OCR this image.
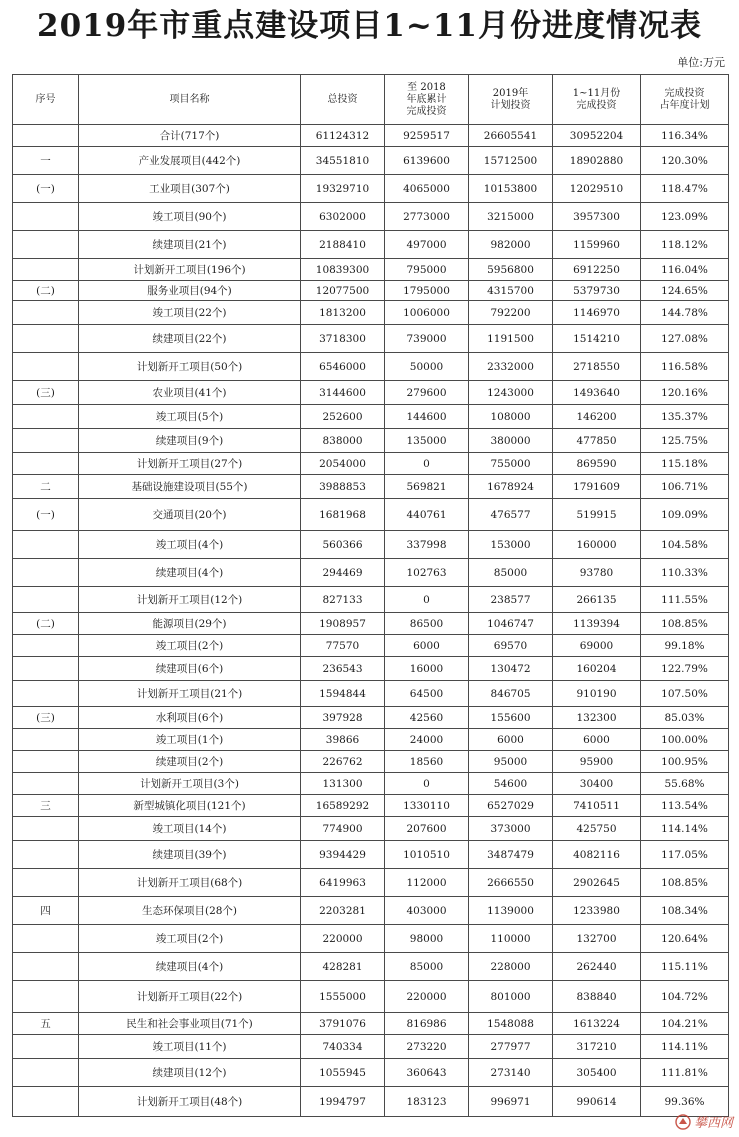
2019年市重点建设项目1~11月份进度情况表
单位:万元
序号	项目名称	总投资	至 2018
年底累计
完成投资	2019年
计划投资	1~11月份
完成投资	完成投资
占年度计划
	合计(717个)	61124312	9259517	26605541	30952204	116.34%
一	产业发展项目(442个)	34551810	6139600	15712500	18902880	120.30%
(一)	工业项目(307个)	19329710	4065000	10153800	12029510	118.47%
	竣工项目(90个)	6302000	2773000	3215000	3957300	123.09%
	续建项目(21个)	2188410	497000	982000	1159960	118.12%
	计划新开工项目(196个)	10839300	795000	5956800	6912250	116.04%
(二)	服务业项目(94个)	12077500	1795000	4315700	5379730	124.65%
	竣工项目(22个)	1813200	1006000	792200	1146970	144.78%
	续建项目(22个)	3718300	739000	1191500	1514210	127.08%
	计划新开工项目(50个)	6546000	50000	2332000	2718550	116.58%
(三)	农业项目(41个)	3144600	279600	1243000	1493640	120.16%
	竣工项目(5个)	252600	144600	108000	146200	135.37%
	续建项目(9个)	838000	135000	380000	477850	125.75%
	计划新开工项目(27个)	2054000	0	755000	869590	115.18%
二	基础设施建设项目(55个)	3988853	569821	1678924	1791609	106.71%
(一)	交通项目(20个)	1681968	440761	476577	519915	109.09%
	竣工项目(4个)	560366	337998	153000	160000	104.58%
	续建项目(4个)	294469	102763	85000	93780	110.33%
	计划新开工项目(12个)	827133	0	238577	266135	111.55%
(二)	能源项目(29个)	1908957	86500	1046747	1139394	108.85%
	竣工项目(2个)	77570	6000	69570	69000	99.18%
	续建项目(6个)	236543	16000	130472	160204	122.79%
	计划新开工项目(21个)	1594844	64500	846705	910190	107.50%
(三)	水利项目(6个)	397928	42560	155600	132300	85.03%
	竣工项目(1个)	39866	24000	6000	6000	100.00%
	续建项目(2个)	226762	18560	95000	95900	100.95%
	计划新开工项目(3个)	131300	0	54600	30400	55.68%
三	新型城镇化项目(121个)	16589292	1330110	6527029	7410511	113.54%
	竣工项目(14个)	774900	207600	373000	425750	114.14%
	续建项目(39个)	9394429	1010510	3487479	4082116	117.05%
	计划新开工项目(68个)	6419963	112000	2666550	2902645	108.85%
四	生态环保项目(28个)	2203281	403000	1139000	1233980	108.34%
	竣工项目(2个)	220000	98000	110000	132700	120.64%
	续建项目(4个)	428281	85000	228000	262440	115.11%
	计划新开工项目(22个)	1555000	220000	801000	838840	104.72%
五	民生和社会事业项目(71个)	3791076	816986	1548088	1613224	104.21%
	竣工项目(11个)	740334	273220	277977	317210	114.11%
	续建项目(12个)	1055945	360643	273140	305400	111.81%
	计划新开工项目(48个)	1994797	183123	996971	990614	99.36%
攀西网
